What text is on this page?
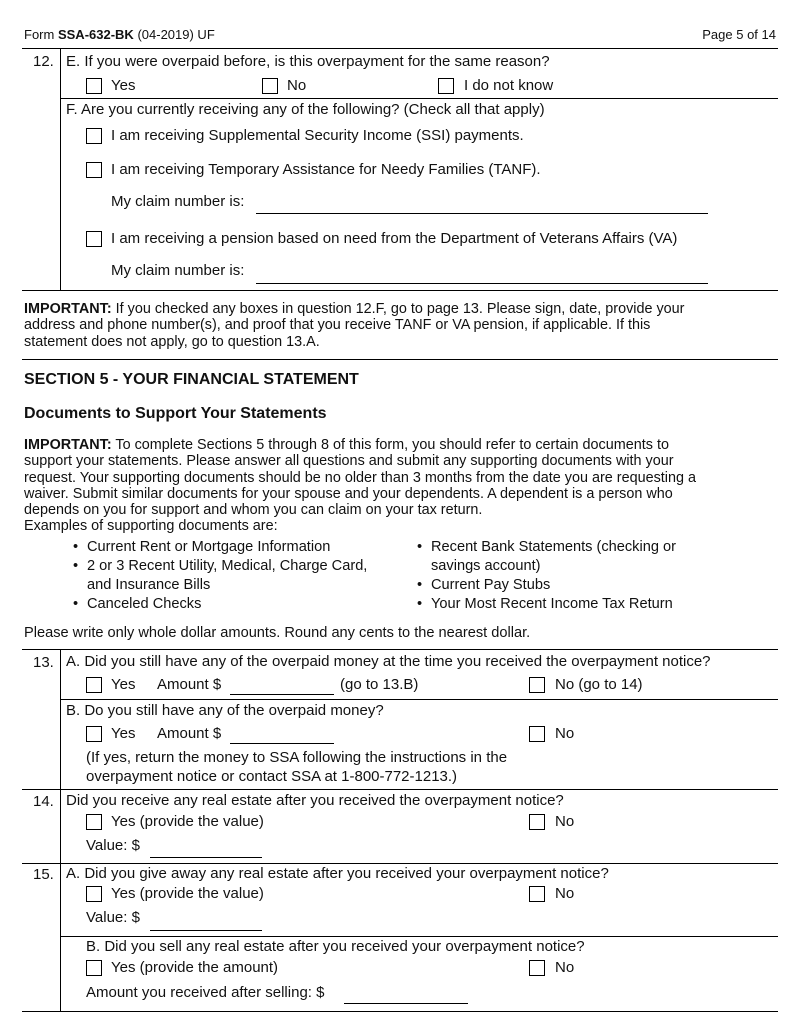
Form SSA-632-BK (04-2019) UF	Page 5 of 14
12. E. If you were overpaid before, is this overpayment for the same reason?
Yes	No	I do not know
F. Are you currently receiving any of the following? (Check all that apply)
I am receiving Supplemental Security Income (SSI) payments.
I am receiving Temporary Assistance for Needy Families (TANF).
My claim number is:
I am receiving a pension based on need from the Department of Veterans Affairs (VA)
My claim number is:
IMPORTANT: If you checked any boxes in question 12.F, go to page 13. Please sign, date, provide your
address and phone number(s), and proof that you receive TANF or VA pension, if applicable. If this
statement does not apply, go to question 13.A.
SECTION 5 - YOUR FINANCIAL STATEMENT
Documents to Support Your Statements
IMPORTANT: To complete Sections 5 through 8 of this form, you should refer to certain documents to
support your statements. Please answer all questions and submit any supporting documents with your
request. Your supporting documents should be no older than 3 months from the date you are requesting a
waiver. Submit similar documents for your spouse and your dependents. A dependent is a person who
depends on you for support and whom you can claim on your tax return.
Examples of supporting documents are:
• Current Rent or Mortgage Information
• 2 or 3 Recent Utility, Medical, Charge Card,
and Insurance Bills
• Canceled Checks
• Recent Bank Statements (checking or
savings account)
• Current Pay Stubs
• Your Most Recent Income Tax Return
Please write only whole dollar amounts. Round any cents to the nearest dollar.
13. A. Did you still have any of the overpaid money at the time you received the overpayment notice?
Yes Amount $	(go to 13.B)	No (go to 14)
B. Do you still have any of the overpaid money?
Yes Amount $	No
(If yes, return the money to SSA following the instructions in the
overpayment notice or contact SSA at 1-800-772-1213.)
14. Did you receive any real estate after you received the overpayment notice?
Yes (provide the value)	No
Value: $
15. A. Did you give away any real estate after you received your overpayment notice?
Yes (provide the value)	No
Value: $
B. Did you sell any real estate after you received your overpayment notice?
Yes (provide the amount)	No
Amount you received after selling: $
